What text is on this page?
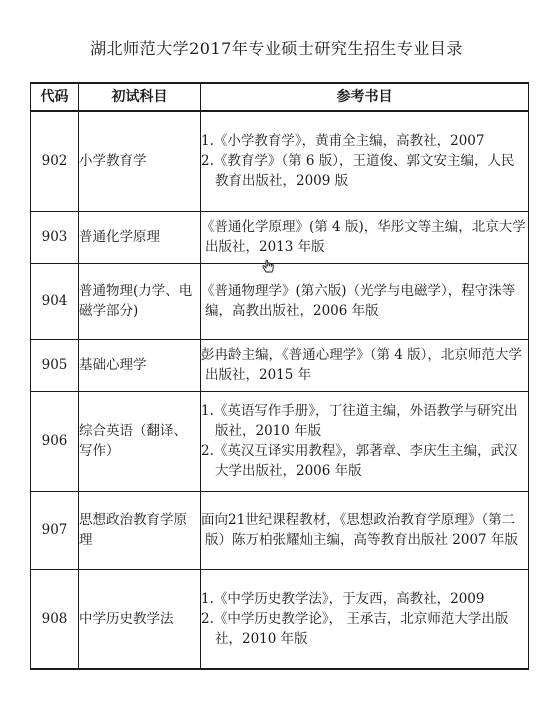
湖北师范大学2017年专业硕士研究生招生专业目录
代码	初试科目	参考书目
902	小学教育学	1.《小学教育学》，黄甫全主编，高教社，2007
2.《教育学》（第 6 版），王道俊、郭文安主编，人民教育出版社，2009 版

903	普通化学原理	《普通化学原理》(第 4 版)，华彤文等主编，北京大学出版社，2013 年版

904	普通物理(力学、电磁学部分)	《普通物理学》(第六版)（光学与电磁学），程守洙等编，高教出版社，2006 年版

905	基础心理学	彭冉龄主编，《普通心理学》（第 4 版），北京师范大学出版社，2015 年

906	综合英语（翻译、写作）	1.《英语写作手册》，丁往道主编，外语教学与研究出版社，2010 年版
2.《英汉互译实用教程》，郭著章、李庆生主编，武汉大学出版社，2006 年版

907	思想政治教育学原理	面向21世纪课程教材，《思想政治教育学原理》（第二版）陈万柏张耀灿主编，高等教育出版社 2007 年版

908	中学历史教学法	1.《中学历史教学法》，于友西，高教社，2009
2.《中学历史教学论》， 王承吉，北京师范大学出版社，2010 年版
